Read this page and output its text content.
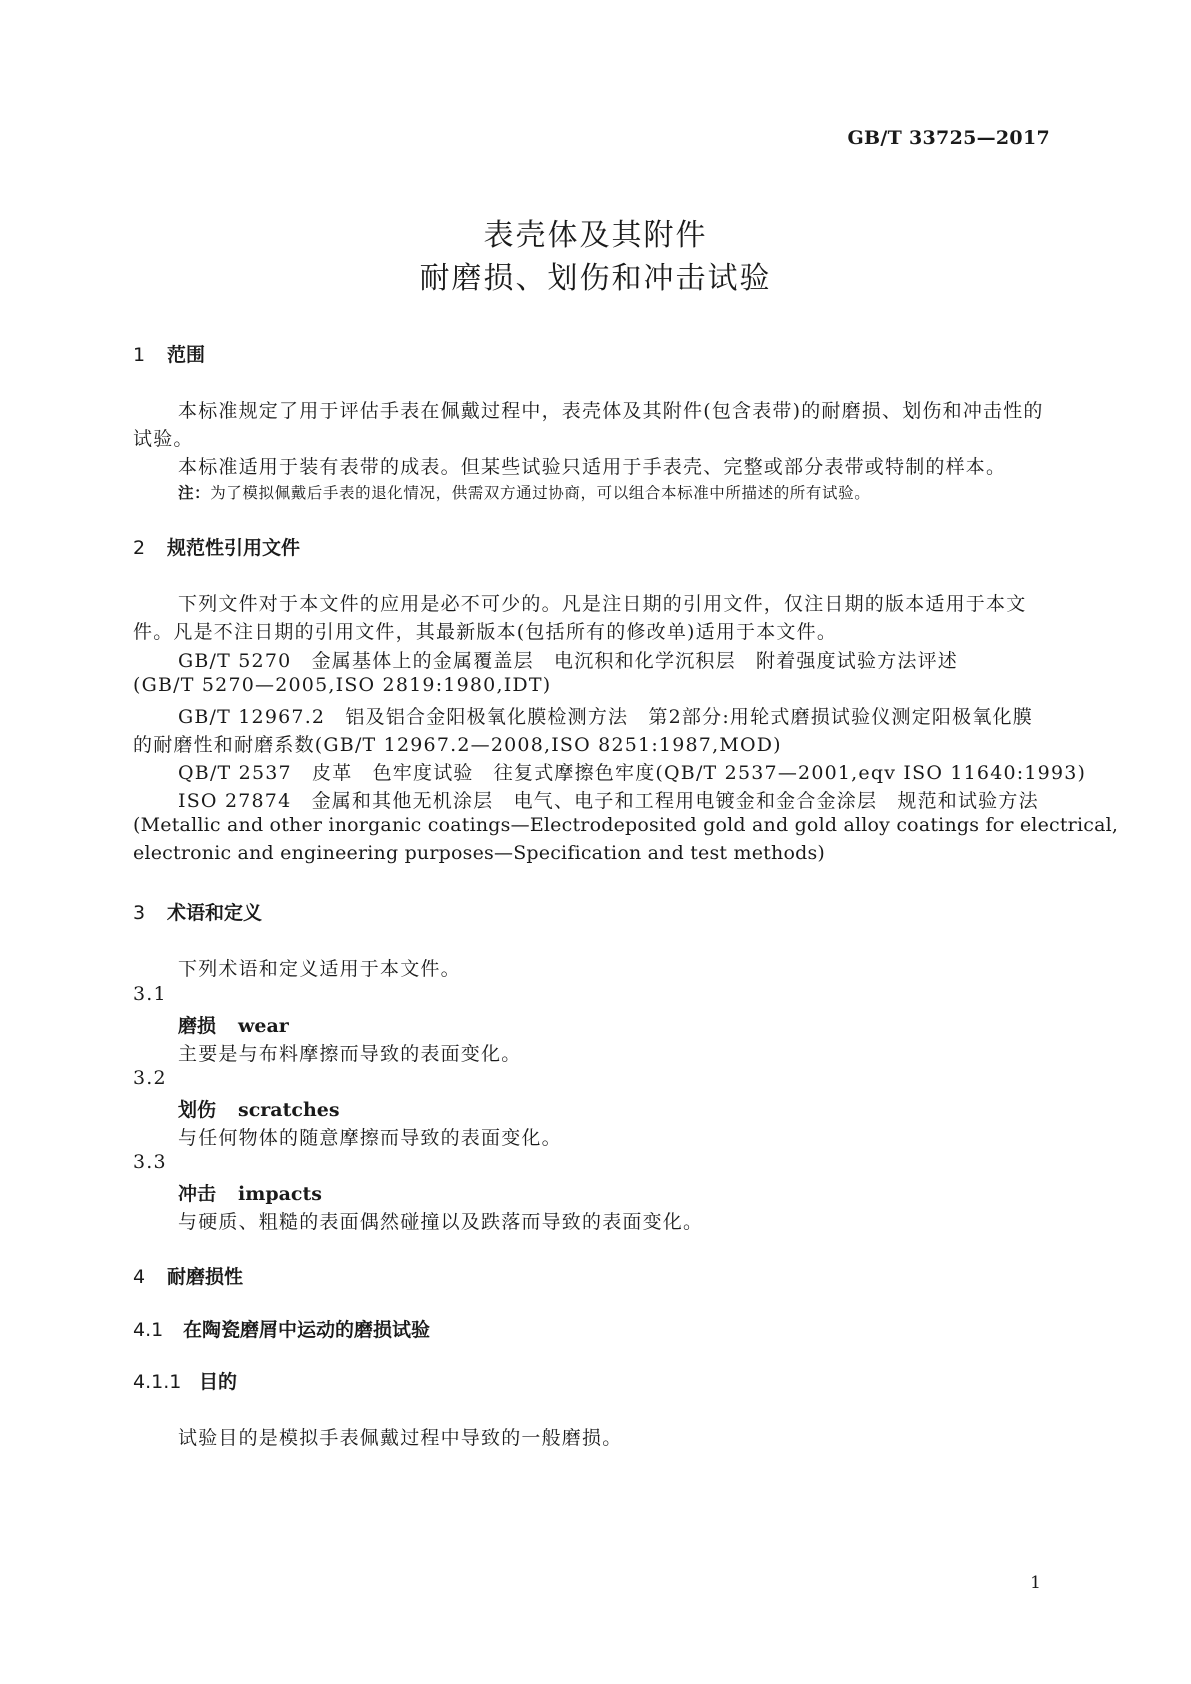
GB/T 33725—2017
表壳体及其附件
耐磨损、划伤和冲击试验
1 范围
本标准规定了用于评估手表在佩戴过程中，表壳体及其附件(包含表带)的耐磨损、划伤和冲击性的
试验。
本标准适用于装有表带的成表。但某些试验只适用于手表壳、完整或部分表带或特制的样本。
注：为了模拟佩戴后手表的退化情况，供需双方通过协商，可以组合本标准中所描述的所有试验。
2 规范性引用文件
下列文件对于本文件的应用是必不可少的。凡是注日期的引用文件，仅注日期的版本适用于本文
件。凡是不注日期的引用文件，其最新版本(包括所有的修改单)适用于本文件。
GB/T 5270　金属基体上的金属覆盖层　电沉积和化学沉积层　附着强度试验方法评述
(GB/T 5270—2005,ISO 2819:1980,IDT)
GB/T 12967.2　铝及铝合金阳极氧化膜检测方法　第2部分:用轮式磨损试验仪测定阳极氧化膜
的耐磨性和耐磨系数(GB/T 12967.2—2008,ISO 8251:1987,MOD)
QB/T 2537　皮革　色牢度试验　往复式摩擦色牢度(QB/T 2537—2001,eqv ISO 11640:1993)
ISO 27874　金属和其他无机涂层　电气、电子和工程用电镀金和金合金涂层　规范和试验方法
(Metallic and other inorganic coatings—Electrodeposited gold and gold alloy coatings for electrical,
electronic and engineering purposes—Specification and test methods)
3 术语和定义
下列术语和定义适用于本文件。
3.1
磨损 wear
主要是与布料摩擦而导致的表面变化。
3.2
划伤 scratches
与任何物体的随意摩擦而导致的表面变化。
3.3
冲击 impacts
与硬质、粗糙的表面偶然碰撞以及跌落而导致的表面变化。
4 耐磨损性
4.1 在陶瓷磨屑中运动的磨损试验
4.1.1 目的
试验目的是模拟手表佩戴过程中导致的一般磨损。
1
